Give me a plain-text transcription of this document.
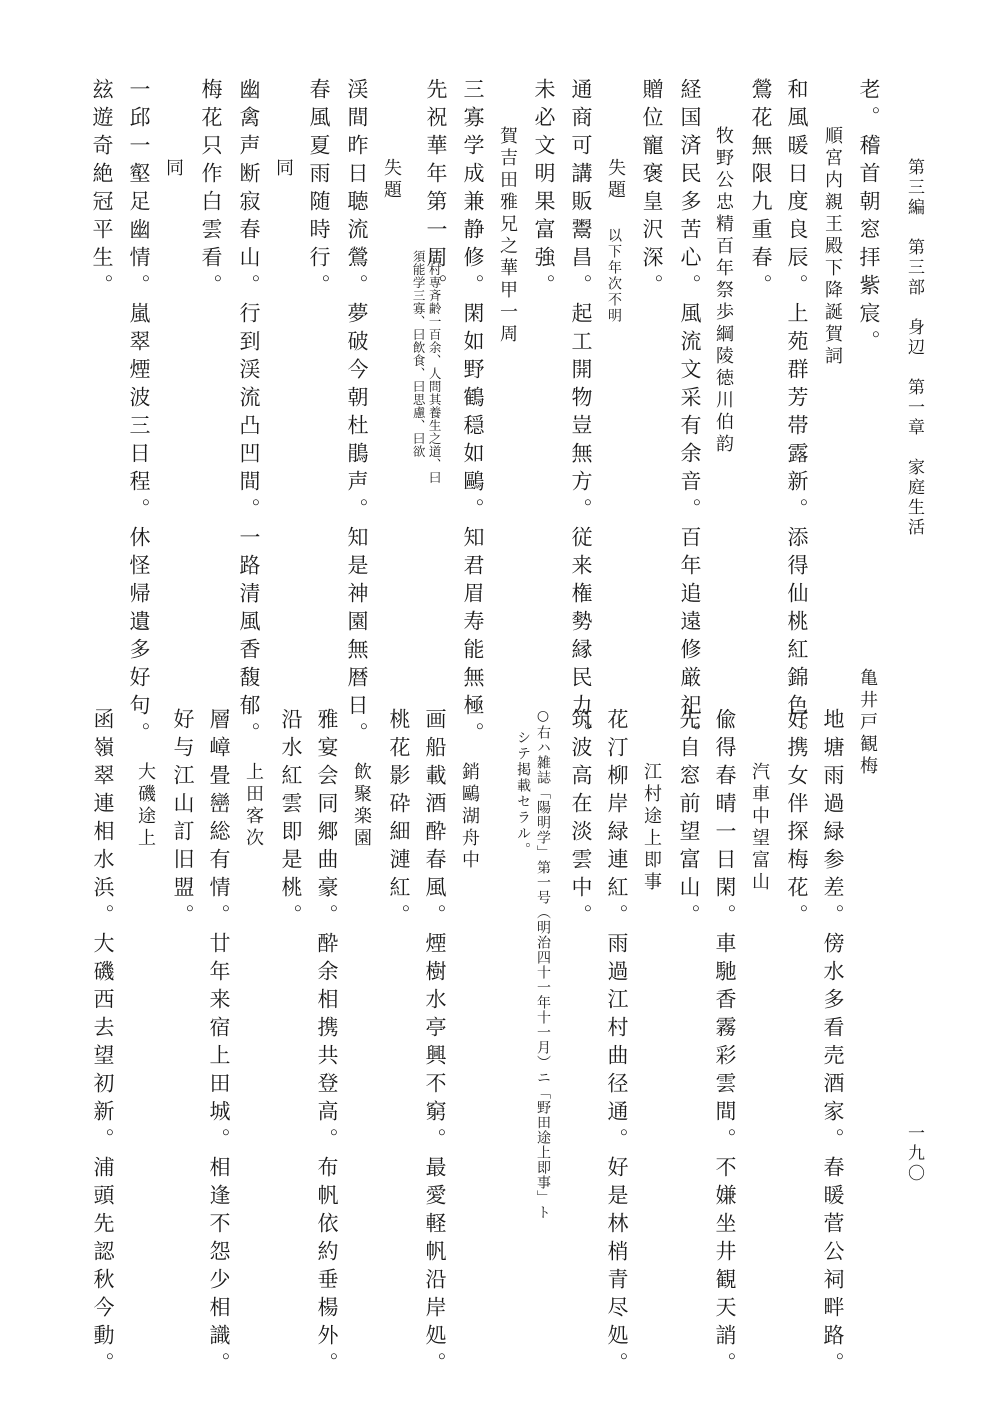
第三編　第三部　身辺　第一章　家庭生活
一九〇
老。稽首朝窓拝紫宸。
順宮内親王殿下降誕賀詞
和風暖日度良辰。上苑群芳帯露新。添得仙桃紅錦色。
鶯花無限九重春。
牧野公忠精百年祭歩綱陵徳川伯韵
経国済民多苦心。風流文采有余音。百年追遠修厳祀。
贈位寵褒皇沢深。
失題
以下年次不明
通商可講販鬻昌。起工開物豈無方。従来権勢縁民力。
未必文明果富強。
賀吉田雅兄之華甲一周
三寡学成兼静修。閑如野鶴穏如鷗。知君眉寿能無極。
先祝華年第一周。
江村専斉齢一百余、人問其養生之道、曰
須能学三寡、曰飲食、曰思慮、曰欲
失題
渓間昨日聴流鶯。夢破今朝杜鵑声。知是神園無暦日。
春風夏雨随時行。
同
幽禽声断寂春山。行到渓流凸凹間。一路清風香馥郁。
梅花只作白雲看。
同
一邱一壑足幽情。嵐翠煙波三日程。休怪帰遺多好句。
玆遊奇絶冠平生。
亀井戸観梅
地塘雨過緑参差。傍水多看売酒家。春暖菅公祠畔路。
好携女伴探梅花。
汽車中望富山
偸得春晴一日閑。車馳香霧彩雲間。不嫌坐井観天誚。
先自窓前望富山。
江村途上即事
花汀柳岸緑連紅。雨過江村曲径通。好是林梢青尽処。
筑波高在淡雲中。
○右ハ雑誌「陽明学」第一号（明治四十一年十一月）ニ「野田途上即事」ト
シテ掲載セラル。
銷鷗湖舟中
画船載酒酔春風。煙樹水亭興不窮。最愛軽帆沿岸処。
桃花影砕細漣紅。
飲聚楽園
雅宴会同郷曲豪。酔余相携共登高。布帆依約垂楊外。
沿水紅雲即是桃。
上田客次
層嶂畳巒総有情。廿年来宿上田城。相逢不怨少相識。
好与江山訂旧盟。
大磯途上
函嶺翠連相水浜。大磯西去望初新。浦頭先認秋今動。
